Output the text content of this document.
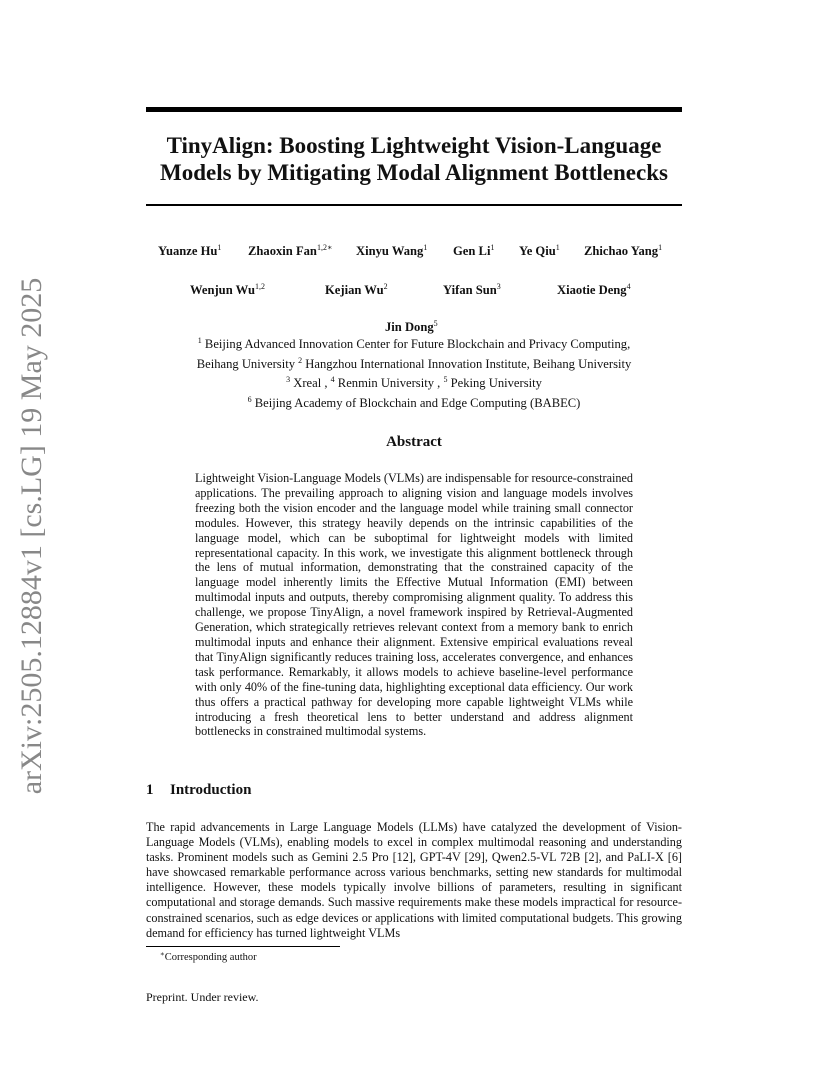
arXiv:2505.12884v1 [cs.LG] 19 May 2025
TinyAlign: Boosting Lightweight Vision-Language
Models by Mitigating Modal Alignment Bottlenecks
Yuanze Hu$^1$ Zhaoxin Fan$^{1,2∗}$ Xinyu Wang$^1$ Gen Li$^1$ Ye Qiu$^1$ Zhichao Yang$^1$
Wenjun Wu$^{1,2}$	Kejian Wu$^2$	Yifan Sun$^3$	Xiaotie Deng$^4$
Jin Dong$^5$
$^1$ Beijing Advanced Innovation Center for Future Blockchain and Privacy Computing,
Beihang University $^2$ Hangzhou International Innovation Institute, Beihang University
$^3$ Xreal , $^4$ Renmin University , $^5$ Peking University
$^6$ Beijing Academy of Blockchain and Edge Computing (BABEC)
Abstract
Lightweight Vision-Language Models (VLMs) are indispensable for resource-constrained applications. The prevailing approach to aligning vision and language models involves freezing both the vision encoder and the language model while training small connector modules. However, this strategy heavily depends on the intrinsic capabilities of the language model, which can be suboptimal for lightweight models with limited representational capacity. In this work, we investigate this alignment bottleneck through the lens of mutual information, demonstrating that the constrained capacity of the language model inherently limits the Effective Mutual Information (EMI) between multimodal inputs and outputs, thereby compromising alignment quality. To address this challenge, we propose TinyAlign, a novel framework inspired by Retrieval-Augmented Generation, which strategically retrieves relevant context from a memory bank to enrich multimodal inputs and enhance their alignment. Extensive empirical evaluations reveal that TinyAlign significantly reduces training loss, accelerates convergence, and enhances task performance. Remarkably, it allows models to achieve baseline-level performance with only 40% of the fine-tuning data, highlighting exceptional data efficiency. Our work thus offers a practical pathway for developing more capable lightweight VLMs while introducing a fresh theoretical lens to better understand and address alignment bottlenecks in constrained multimodal systems.
1 Introduction
The rapid advancements in Large Language Models (LLMs) have catalyzed the development of Vision-Language Models (VLMs), enabling models to excel in complex multimodal reasoning and understanding tasks. Prominent models such as Gemini 2.5 Pro [12], GPT-4V [29], Qwen2.5-VL 72B [2], and PaLI-X [6] have showcased remarkable performance across various benchmarks, setting new standards for multimodal intelligence. However, these models typically involve billions of parameters, resulting in significant computational and storage demands. Such massive requirements make these models impractical for resource-constrained scenarios, such as edge devices or applications with limited computational budgets. This growing demand for efficiency has turned lightweight VLMs
∗Corresponding author
Preprint. Under review.
